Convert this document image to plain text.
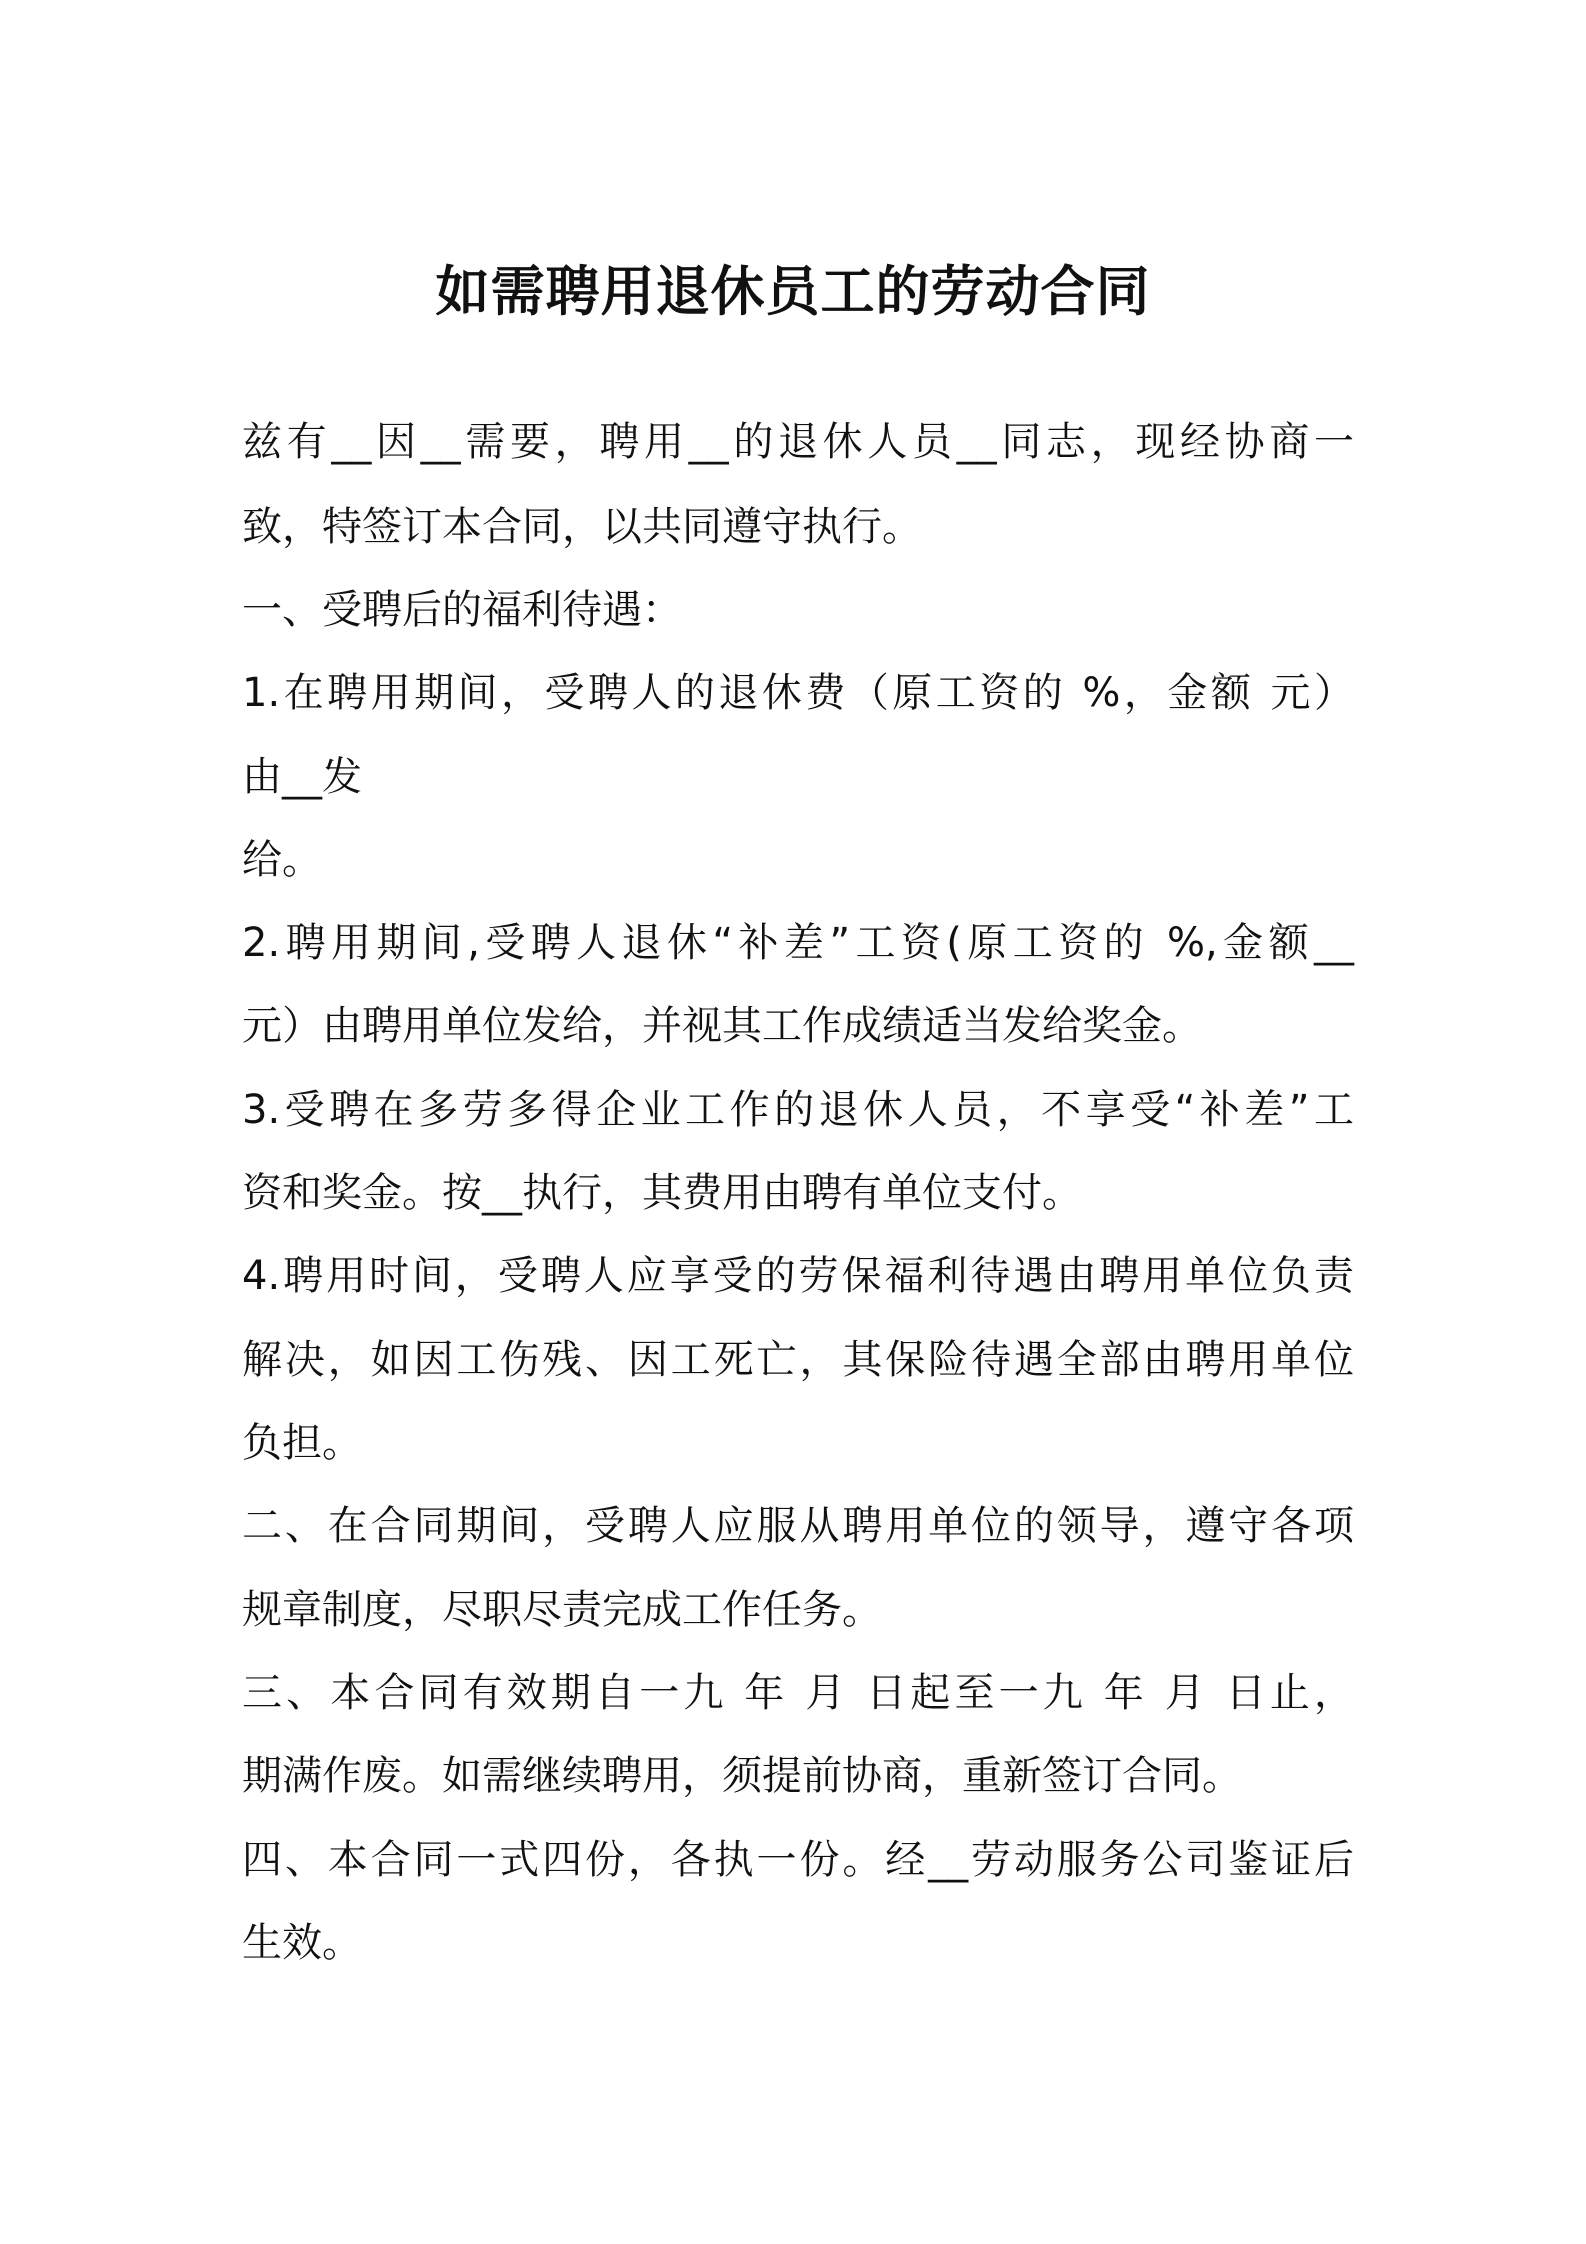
如需聘用退休员工的劳动合同
兹有__因__需要，聘用__的退休人员__同志，现经协商一
致，特签订本合同，以共同遵守执行。
一、受聘后的福利待遇：
1.在聘用期间，受聘人的退休费（原工资的 %，金额 元）
由__发
给。
2.聘用期间,受聘人退休“补差”工资(原工资的 %,金额__
元）由聘用单位发给，并视其工作成绩适当发给奖金。
3.受聘在多劳多得企业工作的退休人员，不享受“补差”工
资和奖金。按__执行，其费用由聘有单位支付。
4.聘用时间，受聘人应享受的劳保福利待遇由聘用单位负责
解决，如因工伤残、因工死亡，其保险待遇全部由聘用单位
负担。
二、在合同期间，受聘人应服从聘用单位的领导，遵守各项
规章制度，尽职尽责完成工作任务。
三、本合同有效期自一九 年 月 日起至一九 年 月 日止，
期满作废。如需继续聘用，须提前协商，重新签订合同。
四、本合同一式四份，各执一份。经__劳动服务公司鉴证后
生效。
